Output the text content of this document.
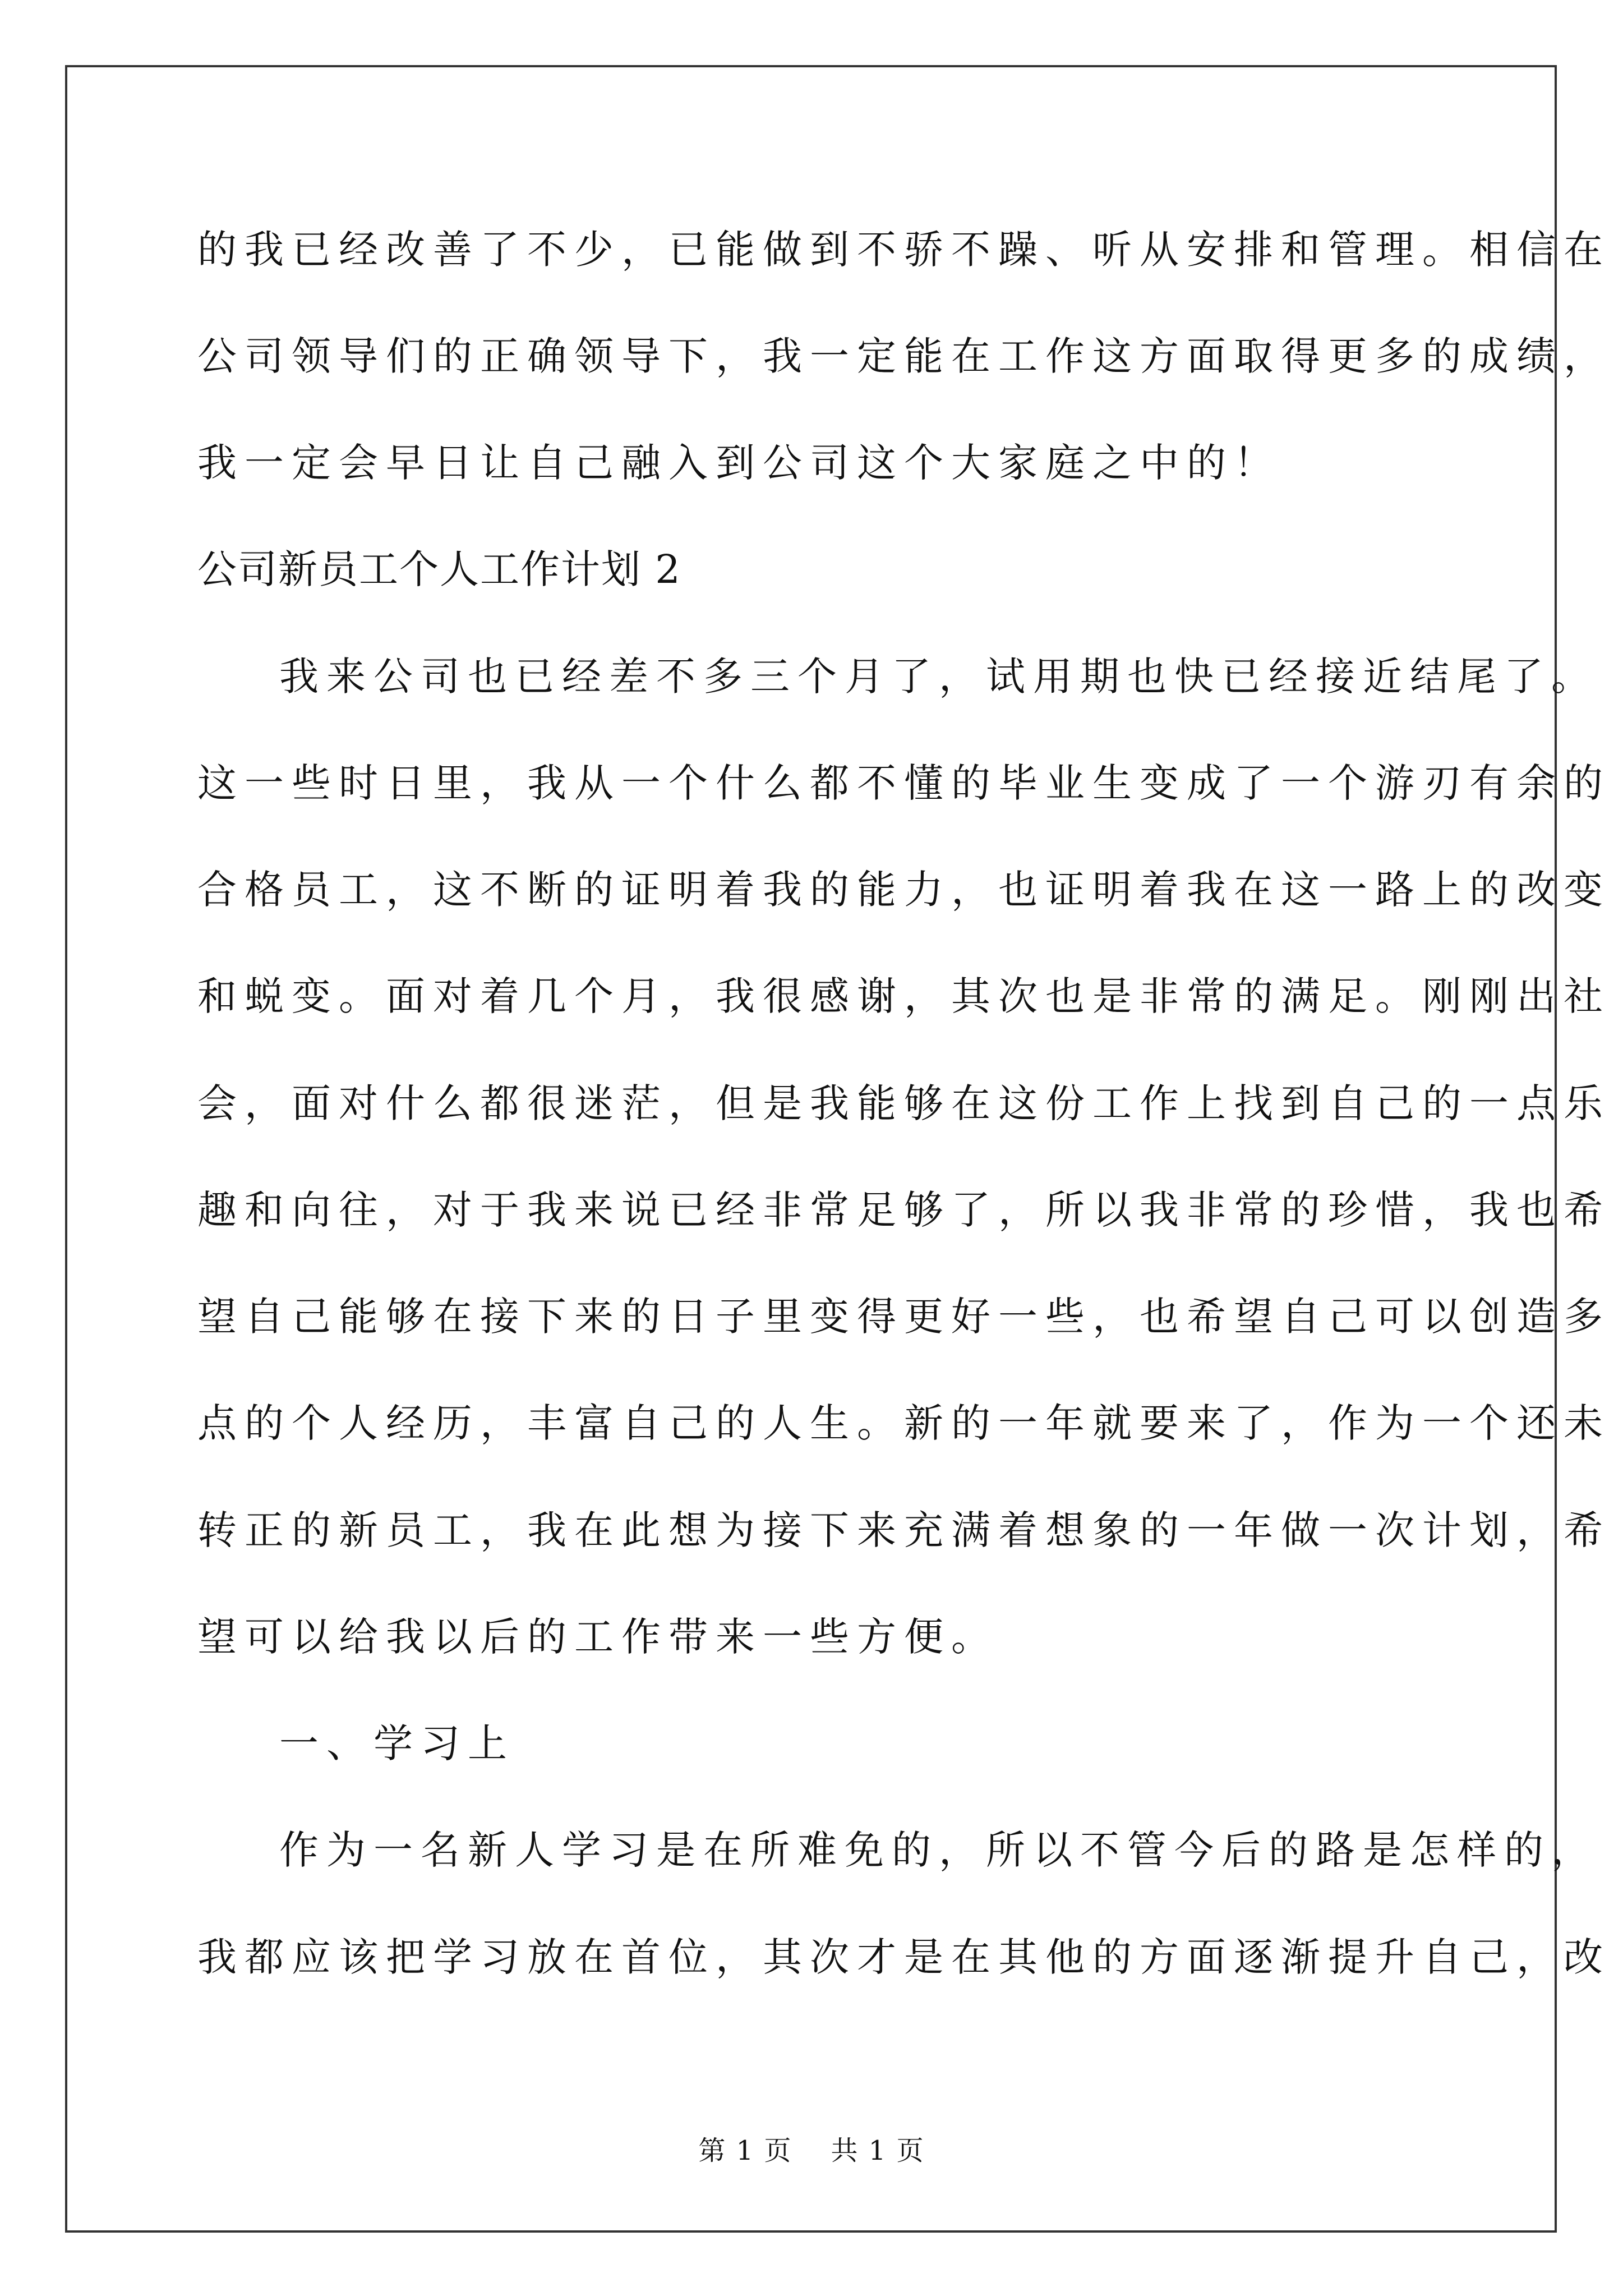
的我已经改善了不少，已能做到不骄不躁、听从安排和管理。相信在
公司领导们的正确领导下，我一定能在工作这方面取得更多的成绩，
我一定会早日让自己融入到公司这个大家庭之中的！
公司新员工个人工作计划 2
我来公司也已经差不多三个月了，试用期也快已经接近结尾了。
这一些时日里，我从一个什么都不懂的毕业生变成了一个游刃有余的
合格员工，这不断的证明着我的能力，也证明着我在这一路上的改变
和蜕变。面对着几个月，我很感谢，其次也是非常的满足。刚刚出社
会，面对什么都很迷茫，但是我能够在这份工作上找到自己的一点乐
趣和向往，对于我来说已经非常足够了，所以我非常的珍惜，我也希
望自己能够在接下来的日子里变得更好一些，也希望自己可以创造多
点的个人经历，丰富自己的人生。新的一年就要来了，作为一个还未
转正的新员工，我在此想为接下来充满着想象的一年做一次计划，希
望可以给我以后的工作带来一些方便。
一、学习上
作为一名新人学习是在所难免的，所以不管今后的路是怎样的，
我都应该把学习放在首位，其次才是在其他的方面逐渐提升自己，改
第 1 页    共 1 页
